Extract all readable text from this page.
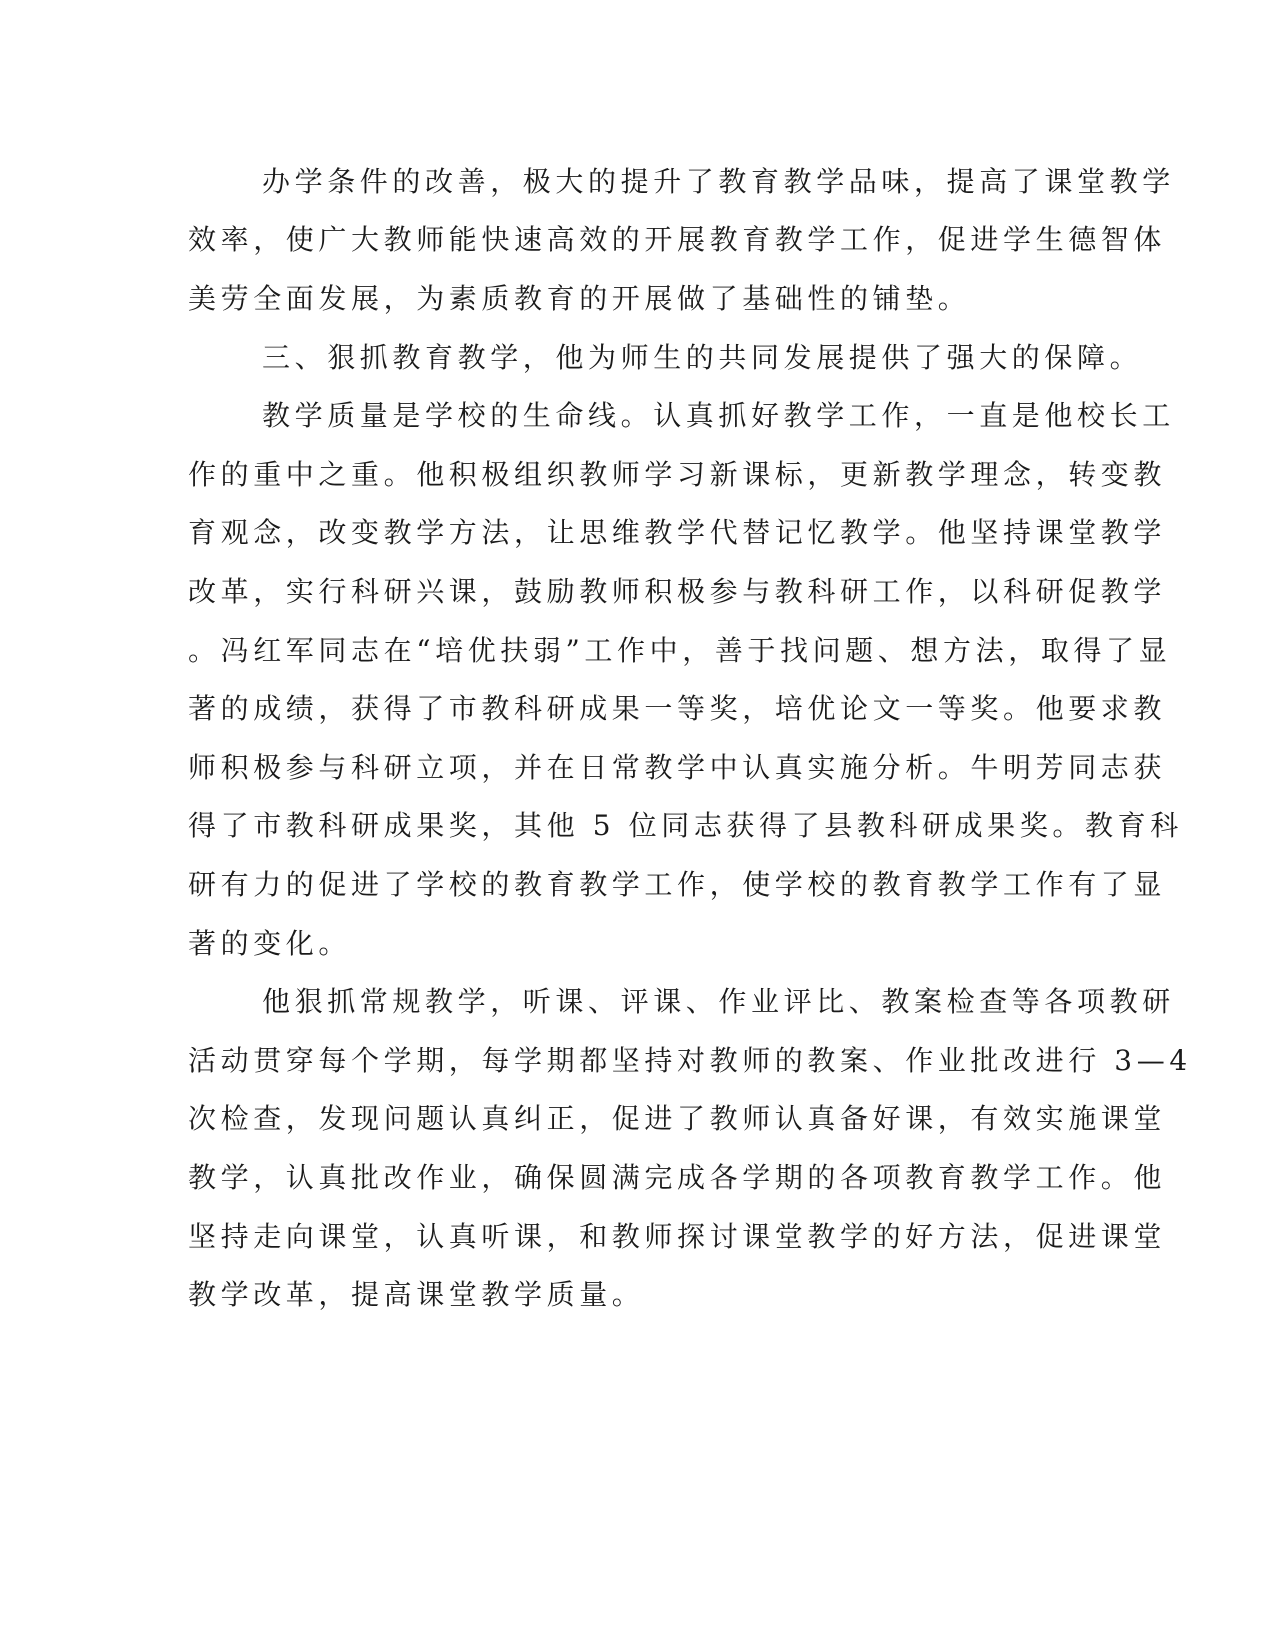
办学条件的改善，极大的提升了教育教学品味，提高了课堂教学
效率，使广大教师能快速高效的开展教育教学工作，促进学生德智体
美劳全面发展，为素质教育的开展做了基础性的铺垫。
三、狠抓教育教学，他为师生的共同发展提供了强大的保障。
教学质量是学校的生命线。认真抓好教学工作，一直是他校长工
作的重中之重。他积极组织教师学习新课标，更新教学理念，转变教
育观念，改变教学方法，让思维教学代替记忆教学。他坚持课堂教学
改革，实行科研兴课，鼓励教师积极参与教科研工作，以科研促教学
。冯红军同志在“培优扶弱”工作中，善于找问题、想方法，取得了显
著的成绩，获得了市教科研成果一等奖，培优论文一等奖。他要求教
师积极参与科研立项，并在日常教学中认真实施分析。牛明芳同志获
得了市教科研成果奖，其他 5 位同志获得了县教科研成果奖。教育科
研有力的促进了学校的教育教学工作，使学校的教育教学工作有了显
著的变化。
他狠抓常规教学，听课、评课、作业评比、教案检查等各项教研
活动贯穿每个学期，每学期都坚持对教师的教案、作业批改进行 3—4
次检查，发现问题认真纠正，促进了教师认真备好课，有效实施课堂
教学，认真批改作业，确保圆满完成各学期的各项教育教学工作。他
坚持走向课堂，认真听课，和教师探讨课堂教学的好方法，促进课堂
教学改革，提高课堂教学质量。
